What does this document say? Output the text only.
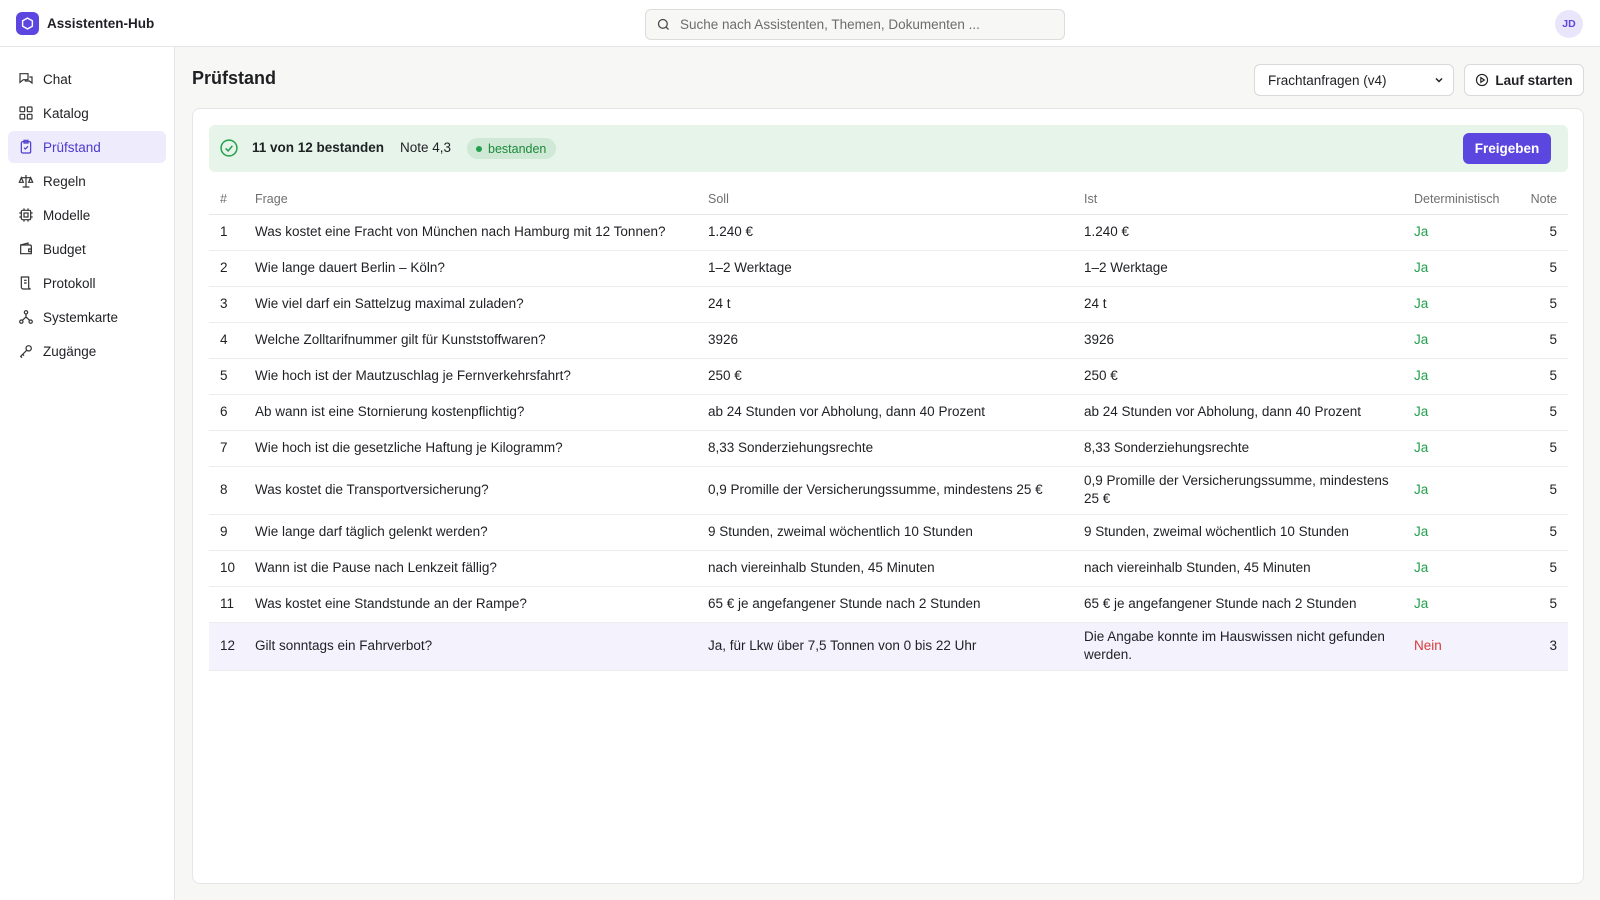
Assistenten-Hub
Suche nach Assistenten, Themen, Dokumenten ...	JD
Chat
Katalog
Prüfstand
Regeln
Modelle
Budget
Protokoll
Systemkarte
Zugänge
Prüfstand	Frachtanfragen (v4)	Lauf starten
11 von 12 bestanden Note 4,3	bestanden	Freigeben
#	Frage	Soll	Ist	Deterministisch	Note
1	Was kostet eine Fracht von München nach Hamburg mit 12 Tonnen?	1.240 €	1.240 €	Ja	5
2	Wie lange dauert Berlin – Köln?	1–2 Werktage	1–2 Werktage	Ja	5
3	Wie viel darf ein Sattelzug maximal zuladen?	24 t	24 t	Ja	5
4	Welche Zolltarifnummer gilt für Kunststoffwaren?	3926	3926	Ja	5
5	Wie hoch ist der Mautzuschlag je Fernverkehrsfahrt?	250 €	250 €	Ja	5
6	Ab wann ist eine Stornierung kostenpflichtig?	ab 24 Stunden vor Abholung, dann 40 Prozent	ab 24 Stunden vor Abholung, dann 40 Prozent	Ja	5
7	Wie hoch ist die gesetzliche Haftung je Kilogramm?	8,33 Sonderziehungsrechte	8,33 Sonderziehungsrechte	Ja	5
8	Was kostet die Transportversicherung?	0,9 Promille der Versicherungssumme, mindestens 25 €	0,9 Promille der Versicherungssumme, mindestens 25 €	Ja	5
9	Wie lange darf täglich gelenkt werden?	9 Stunden, zweimal wöchentlich 10 Stunden	9 Stunden, zweimal wöchentlich 10 Stunden	Ja	5
10	Wann ist die Pause nach Lenkzeit fällig?	nach viereinhalb Stunden, 45 Minuten	nach viereinhalb Stunden, 45 Minuten	Ja	5
11	Was kostet eine Standstunde an der Rampe?	65 € je angefangener Stunde nach 2 Stunden	65 € je angefangener Stunde nach 2 Stunden	Ja	5
12	Gilt sonntags ein Fahrverbot?	Ja, für Lkw über 7,5 Tonnen von 0 bis 22 Uhr	Die Angabe konnte im Hauswissen nicht gefunden werden.	Nein	3
